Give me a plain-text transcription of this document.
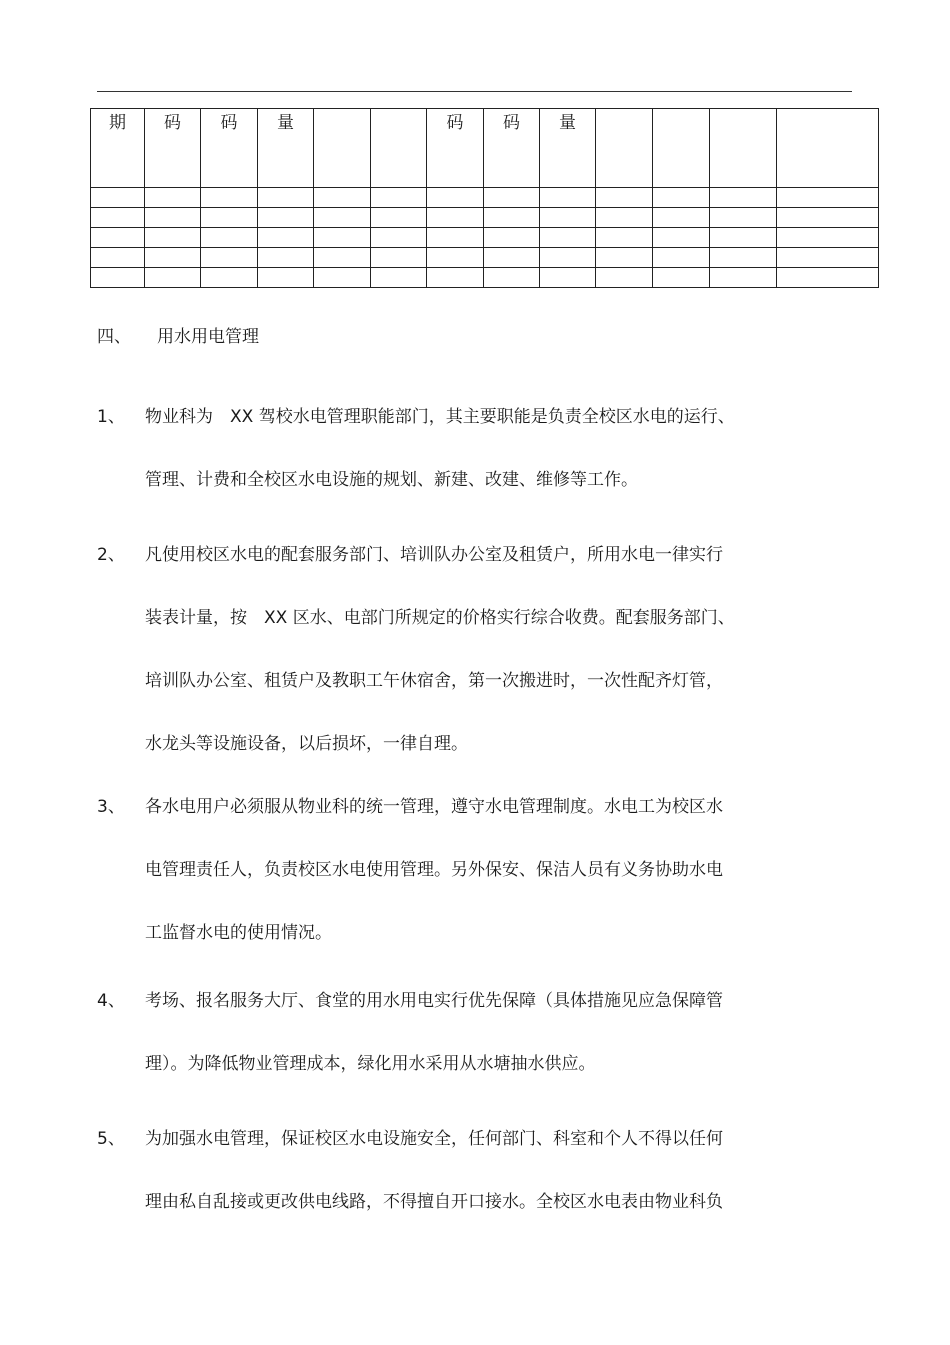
期	码	码	量			码	码	量				

四、 用水用电管理
1、 物业科为　XX 驾校水电管理职能部门，其主要职能是负责全校区水电的运行、
管理、计费和全校区水电设施的规划、新建、改建、维修等工作。
2、 凡使用校区水电的配套服务部门、培训队办公室及租赁户，所用水电一律实行
装表计量，按　XX 区水、电部门所规定的价格实行综合收费。配套服务部门、
培训队办公室、租赁户及教职工午休宿舍，第一次搬进时，一次性配齐灯管，
水龙头等设施设备，以后损坏，一律自理。
3、 各水电用户必须服从物业科的统一管理，遵守水电管理制度。水电工为校区水
电管理责任人，负责校区水电使用管理。另外保安、保洁人员有义务协助水电
工监督水电的使用情况。
4、 考场、报名服务大厅、食堂的用水用电实行优先保障（具体措施见应急保障管
理）。为降低物业管理成本，绿化用水采用从水塘抽水供应。
5、 为加强水电管理，保证校区水电设施安全，任何部门、科室和个人不得以任何
理由私自乱接或更改供电线路，不得擅自开口接水。全校区水电表由物业科负
